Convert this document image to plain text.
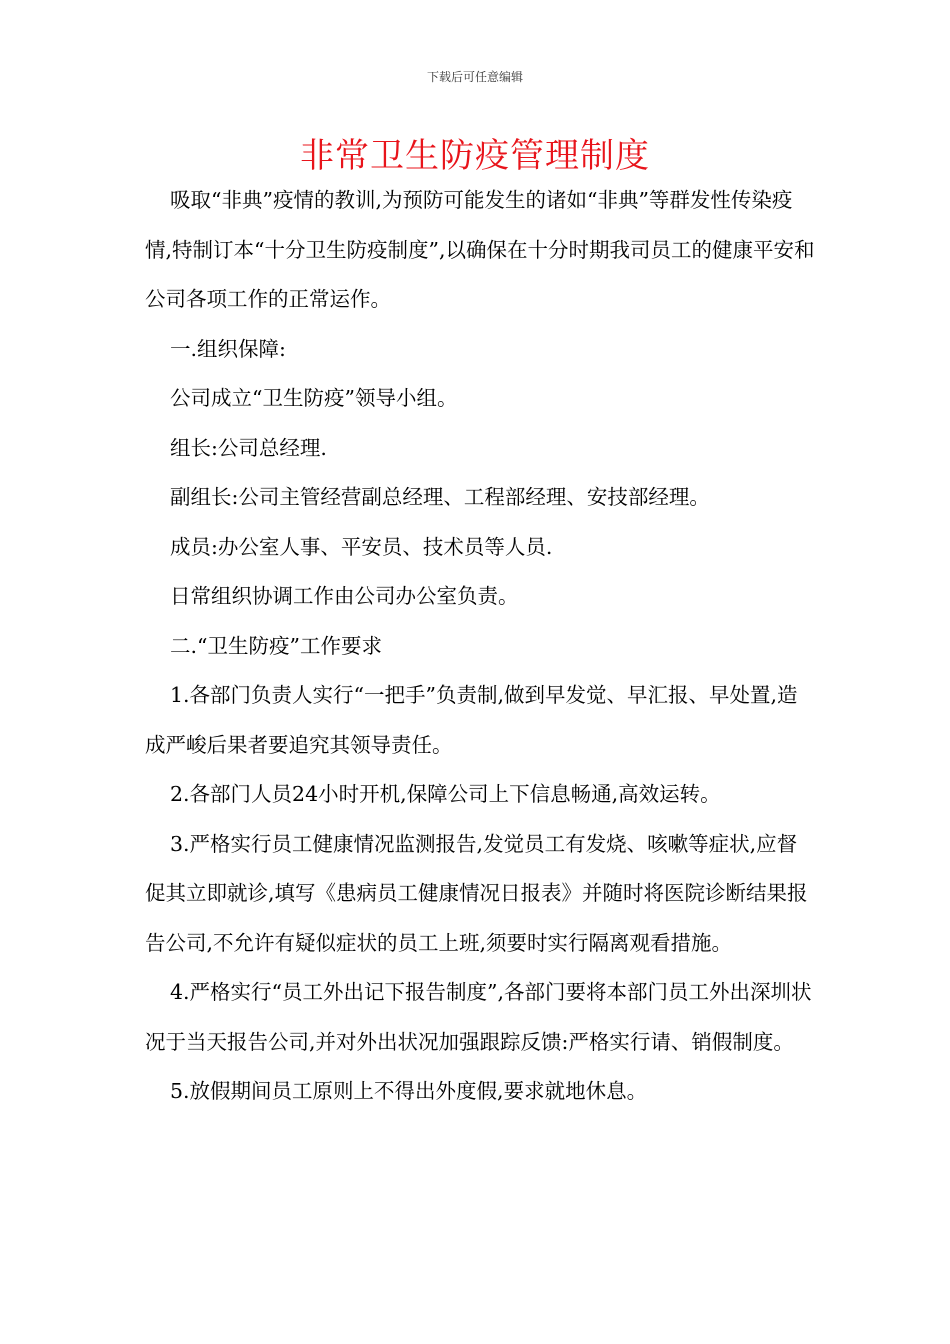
下载后可任意编辑
非常卫生防疫管理制度

吸取“非典”疫情的教训,为预防可能发生的诸如“非典”等群发性传染疫情,特制订本“十分卫生防疫制度”,以确保在十分时期我司员工的健康平安和公司各项工作的正常运作。

一.组织保障:

公司成立“卫生防疫”领导小组。

组长:公司总经理.

副组长:公司主管经营副总经理、工程部经理、安技部经理。

成员:办公室人事、平安员、技术员等人员.

日常组织协调工作由公司办公室负责。

二.“卫生防疫”工作要求

1.各部门负责人实行“一把手”负责制,做到早发觉、早汇报、早处置,造成严峻后果者要追究其领导责任。

2.各部门人员24小时开机,保障公司上下信息畅通,高效运转。

3.严格实行员工健康情况监测报告,发觉员工有发烧、咳嗽等症状,应督促其立即就诊,填写《患病员工健康情况日报表》并随时将医院诊断结果报告公司,不允许有疑似症状的员工上班,须要时实行隔离观看措施。

4.严格实行“员工外出记下报告制度”,各部门要将本部门员工外出深圳状况于当天报告公司,并对外出状况加强跟踪反馈:严格实行请、销假制度。

5.放假期间员工原则上不得出外度假,要求就地休息。
